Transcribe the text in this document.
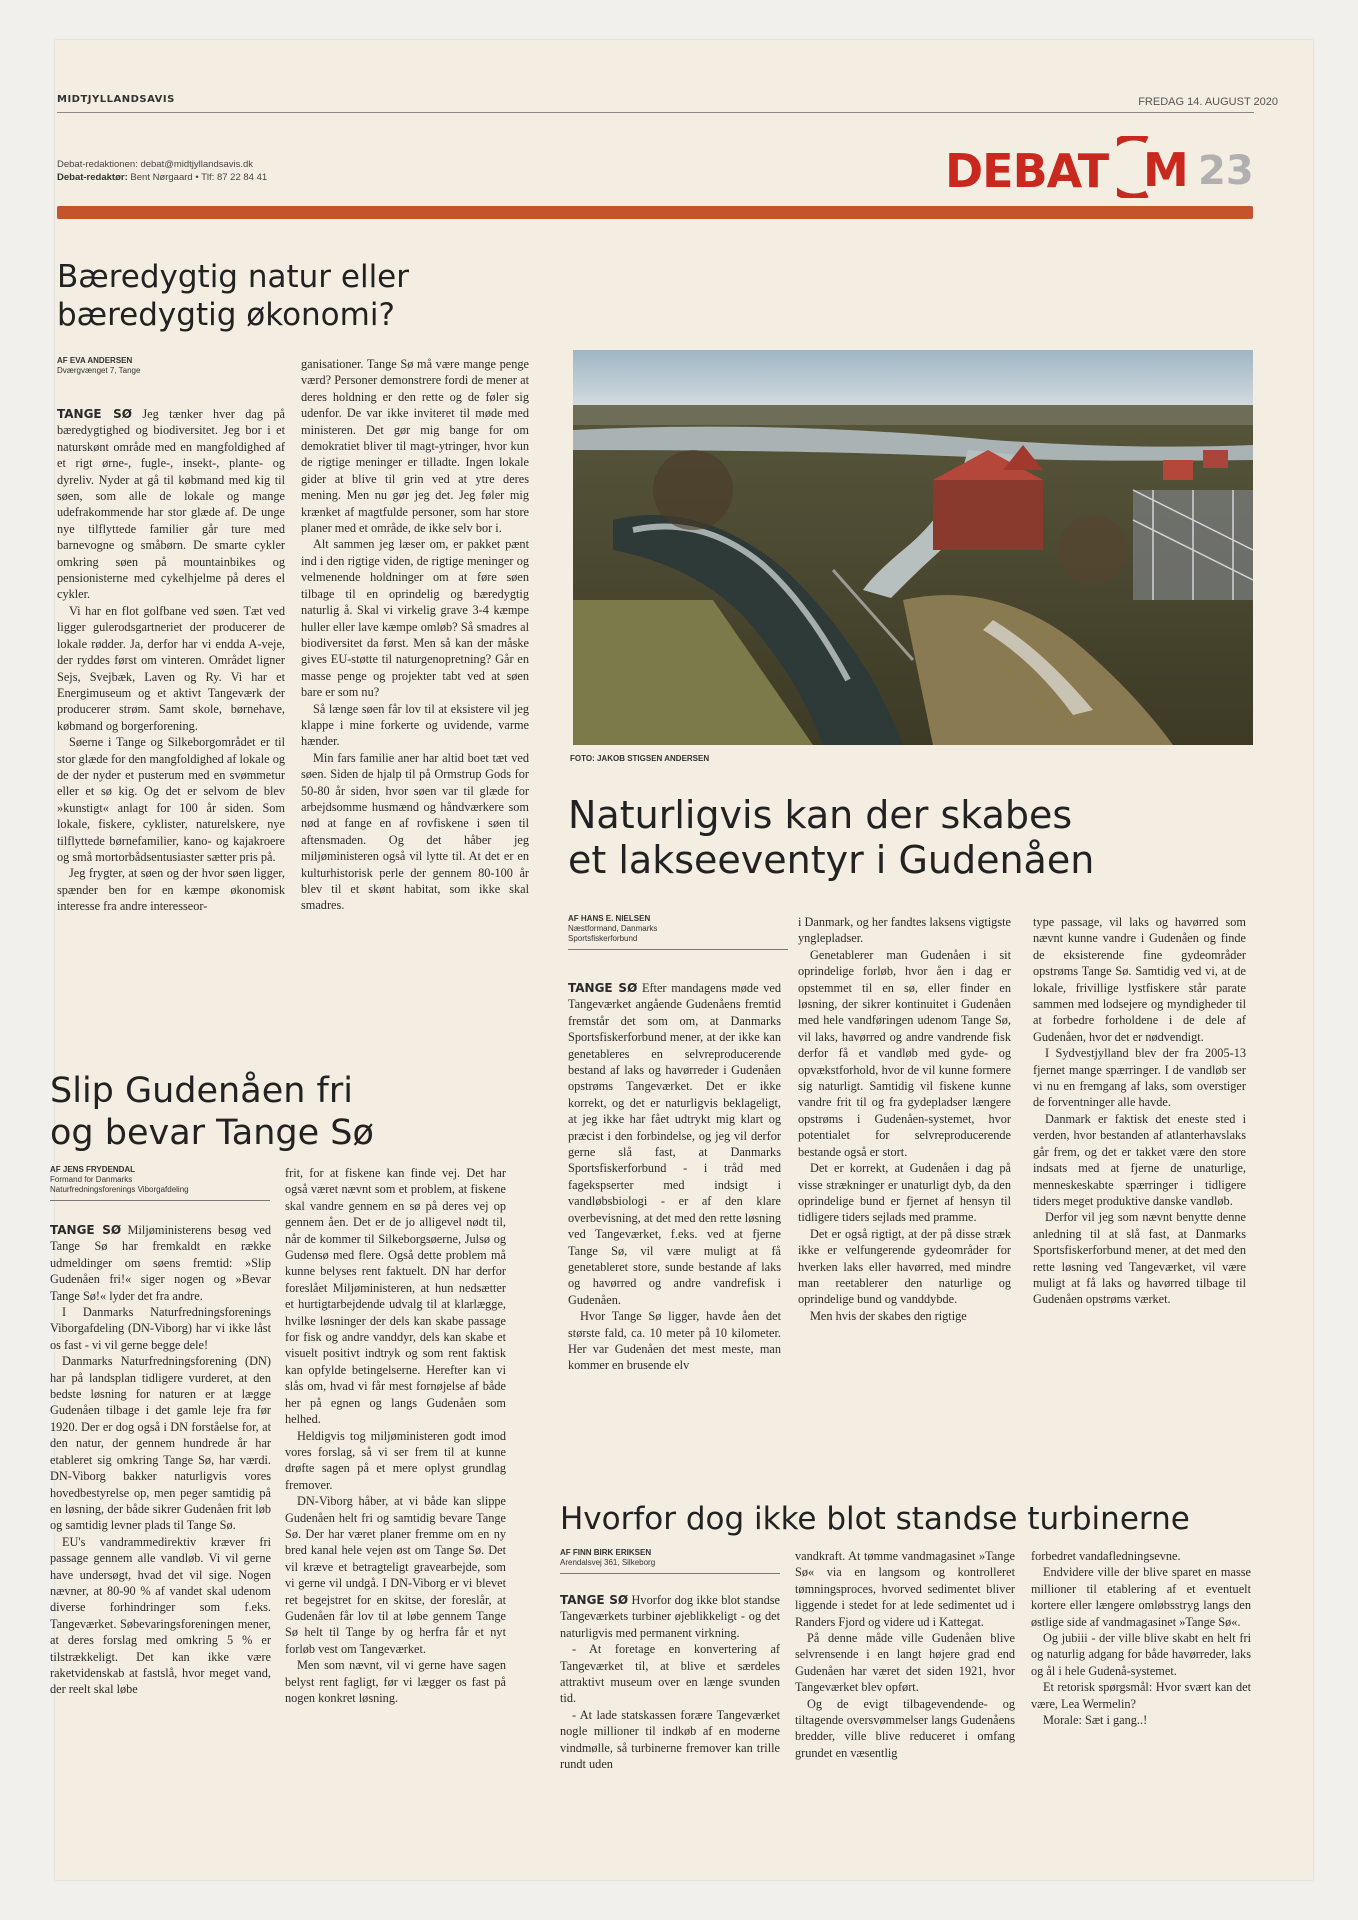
MIDTJYLLANDSAVIS	FREDAG 14. AUGUST 2020
Debat-redaktionen: debat@midtjyllandsavis.dk
Debat-redaktør: Bent Nørgaard • Tlf: 87 22 84 41	DEBAT M 23
Bæredygtig natur eller
bæredygtig økonomi?
AF EVA ANDERSEN
Dværgvænget 7, Tange

TANGE SØ Jeg tænker hver dag på bæredygtighed og biodiversitet. Jeg bor i et naturskønt område med en mangfoldighed af et rigt ørne-, fugle-, insekt-, plante- og dyreliv. Nyder at gå til købmand med kig til søen, som alle de lokale og mange udefrakommende har stor glæde af. De unge nye tilflyttede familier går ture med barnevogne og småbørn. De smarte cykler omkring søen på mountainbikes og pensionisterne med cykelhjelme på deres el cykler.

Vi har en flot golfbane ved søen. Tæt ved ligger gulerodsgartneriet der producerer de lokale rødder. Ja, derfor har vi endda A-veje, der ryddes først om vinteren. Området ligner Sejs, Svejbæk, Laven og Ry. Vi har et Energimuseum og et aktivt Tangeværk der producerer strøm. Samt skole, børnehave, købmand og borgerforening.

Søerne i Tange og Silkeborgområdet er til stor glæde for den mangfoldighed af lokale og de der nyder et pusterum med en svømmetur eller et sø kig. Og det er selvom de blev »kunstigt« anlagt for 100 år siden. Som lokale, fiskere, cyklister, naturelskere, nye tilflyttede børnefamilier, kano- og kajakroere og små mortorbådsentusiaster sætter pris på.

Jeg frygter, at søen og der hvor søen ligger, spænder ben for en kæmpe økonomisk interesse fra andre interesseor-

ganisationer. Tange Sø må være mange penge værd? Personer demonstrere fordi de mener at deres holdning er den rette og de føler sig udenfor. De var ikke inviteret til møde med ministeren. Det gør mig bange for om demokratiet bliver til magt-ytringer, hvor kun de rigtige meninger er tilladte. Ingen lokale gider at blive til grin ved at ytre deres mening. Men nu gør jeg det. Jeg føler mig krænket af magtfulde personer, som har store planer med et område, de ikke selv bor i.

Alt sammen jeg læser om, er pakket pænt ind i den rigtige viden, de rigtige meninger og velmenende holdninger om at føre søen tilbage til en oprindelig og bæredygtig naturlig å. Skal vi virkelig grave 3-4 kæmpe huller eller lave kæmpe omløb? Så smadres al biodiversitet da først. Men så kan der måske gives EU-støtte til naturgenopretning? Går en masse penge og projekter tabt ved at søen bare er som nu?

Så længe søen får lov til at eksistere vil jeg klappe i mine forkerte og uvidende, varme hænder.

Min fars familie aner har altid boet tæt ved søen. Siden de hjalp til på Ormstrup Gods for 50-80 år siden, hvor søen var til glæde for arbejdsomme husmænd og håndværkere som nød at fange en af rovfiskene i søen til aftensmaden. Og det håber jeg miljøministeren også vil lytte til. At det er en kulturhistorisk perle der gennem 80-100 år blev til et skønt habitat, som ikke skal smadres.

FOTO: JAKOB STIGSEN ANDERSEN
Naturligvis kan der skabes
et lakseeventyr i Gudenåen
AF HANS E. NIELSEN
Næstformand, Danmarks
Sportsfiskerforbund

TANGE SØ Efter mandagens møde ved Tangeværket angående Gudenåens fremtid fremstår det som om, at Danmarks Sportsfiskerforbund mener, at der ikke kan genetableres en selvreproducerende bestand af laks og havørreder i Gudenåen opstrøms Tangeværket. Det er ikke korrekt, og det er naturligvis beklageligt, at jeg ikke har fået udtrykt mig klart og præcist i den forbindelse, og jeg vil derfor gerne slå fast, at Danmarks Sportsfiskerforbund - i tråd med fagekspserter med indsigt i vandløbsbiologi - er af den klare overbevisning, at det med den rette løsning ved Tangeværket, f.eks. ved at fjerne Tange Sø, vil være muligt at få genetableret store, sunde bestande af laks og havørred og andre vandrefisk i Gudenåen.

Hvor Tange Sø ligger, havde åen det største fald, ca. 10 meter på 10 kilometer. Her var Gudenåen det mest meste, man kommer en brusende elv

i Danmark, og her fandtes laksens vigtigste ynglepladser.

Genetablerer man Gudenåen i sit oprindelige forløb, hvor åen i dag er opstemmet til en sø, eller finder en løsning, der sikrer kontinuitet i Gudenåen med hele vandføringen udenom Tange Sø, vil laks, havørred og andre vandrende fisk derfor få et vandløb med gyde- og opvækstforhold, hvor de vil kunne formere sig naturligt. Samtidig vil fiskene kunne vandre frit til og fra gydepladser længere opstrøms i Gudenåen-systemet, hvor potentialet for selvreproducerende bestande også er stort.

Det er korrekt, at Gudenåen i dag på visse strækninger er unaturligt dyb, da den oprindelige bund er fjernet af hensyn til tidligere tiders sejlads med pramme.

Det er også rigtigt, at der på disse stræk ikke er velfungerende gydeområder for hverken laks eller havørred, med mindre man reetablerer den naturlige og oprindelige bund og vanddybde.

Men hvis der skabes den rigtige

type passage, vil laks og havørred som nævnt kunne vandre i Gudenåen og finde de eksisterende fine gydeområder opstrøms Tange Sø. Samtidig ved vi, at de lokale, frivillige lystfiskere står parate sammen med lodsejere og myndigheder til at forbedre forholdene i de dele af Gudenåen, hvor det er nødvendigt.

I Sydvestjylland blev der fra 2005-13 fjernet mange spærringer. I de vandløb ser vi nu en fremgang af laks, som overstiger de forventninger alle havde.

Danmark er faktisk det eneste sted i verden, hvor bestanden af atlanterhavslaks går frem, og det er takket være den store indsats med at fjerne de unaturlige, menneskeskabte spærringer i tidligere tiders meget produktive danske vandløb.

Derfor vil jeg som nævnt benytte denne anledning til at slå fast, at Danmarks Sportsfiskerforbund mener, at det med den rette løsning ved Tangeværket, vil være muligt at få laks og havørred tilbage til Gudenåen opstrøms værket.

Slip Gudenåen fri
og bevar Tange Sø
AF JENS FRYDENDAL
Formand for Danmarks
Naturfredningsforenings Viborgafdeling

TANGE SØ Miljøministerens besøg ved Tange Sø har fremkaldt en række udmeldinger om søens fremtid: »Slip Gudenåen fri!« siger nogen og »Bevar Tange Sø!« lyder det fra andre.

I Danmarks Naturfredningsforenings Viborgafdeling (DN-Viborg) har vi ikke låst os fast - vi vil gerne begge dele!

Danmarks Naturfredningsforening (DN) har på landsplan tidligere vurderet, at den bedste løsning for naturen er at lægge Gudenåen tilbage i det gamle leje fra før 1920. Der er dog også i DN forståelse for, at den natur, der gennem hundrede år har etableret sig omkring Tange Sø, har værdi. DN-Viborg bakker naturligvis vores hovedbestyrelse op, men peger samtidig på en løsning, der både sikrer Gudenåen frit løb og samtidig levner plads til Tange Sø.

EU's vandrammedirektiv kræver fri passage gennem alle vandløb. Vi vil gerne have undersøgt, hvad det vil sige. Nogen nævner, at 80-90 % af vandet skal udenom diverse forhindringer som f.eks. Tangeværket. Søbevaringsforeningen mener, at deres forslag med omkring 5 % er tilstrækkeligt. Det kan ikke være raketvidenskab at fastslå, hvor meget vand, der reelt skal løbe

frit, for at fiskene kan finde vej. Det har også været nævnt som et problem, at fiskene skal vandre gennem en sø på deres vej op gennem åen. Det er de jo alligevel nødt til, når de kommer til Silkeborgsøerne, Julsø og Gudensø med flere. Også dette problem må kunne belyses rent faktuelt. DN har derfor foreslået Miljøministeren, at hun nedsætter et hurtigtarbejdende udvalg til at klarlægge, hvilke løsninger der dels kan skabe passage for fisk og andre vanddyr, dels kan skabe et visuelt positivt indtryk og som rent faktisk kan opfylde betingelserne. Herefter kan vi slås om, hvad vi får mest fornøjelse af både her på egnen og langs Gudenåen som helhed.

Heldigvis tog miljøministeren godt imod vores forslag, så vi ser frem til at kunne drøfte sagen på et mere oplyst grundlag fremover.

DN-Viborg håber, at vi både kan slippe Gudenåen helt fri og samtidig bevare Tange Sø. Der har været planer fremme om en ny bred kanal hele vejen øst om Tange Sø. Det vil kræve et betragteligt gravearbejde, som vi gerne vil undgå. I DN-Viborg er vi blevet ret begejstret for en skitse, der foreslår, at Gudenåen får lov til at løbe gennem Tange Sø helt til Tange by og herfra får et nyt forløb vest om Tangeværket.

Men som nævnt, vil vi gerne have sagen belyst rent fagligt, før vi lægger os fast på nogen konkret løsning.

Hvorfor dog ikke blot standse turbinerne
AF FINN BIRK ERIKSEN
Arendalsvej 361, Silkeborg

TANGE SØ Hvorfor dog ikke blot standse Tangeværkets turbiner øjeblikkeligt - og det naturligvis med permanent virkning.

- At foretage en konvertering af Tangeværket til, at blive et særdeles attraktivt museum over en længe svunden tid.

- At lade statskassen forære Tangeværket nogle millioner til indkøb af en moderne vindmølle, så turbinerne fremover kan trille rundt uden

vandkraft. At tømme vandmagasinet »Tange Sø« via en langsom og kontrolleret tømningsproces, hvorved sedimentet bliver liggende i stedet for at lede sedimentet ud i Randers Fjord og videre ud i Kattegat.

På denne måde ville Gudenåen blive selvrensende i en langt højere grad end Gudenåen har været det siden 1921, hvor Tangeværket blev opført.

Og de evigt tilbagevendende- og tiltagende oversvømmelser langs Gudenåens bredder, ville blive reduceret i omfang grundet en væsentlig

forbedret vandafledningsevne.

Endvidere ville der blive sparet en masse millioner til etablering af et eventuelt kortere eller længere omløbsstryg langs den østlige side af vandmagasinet »Tange Sø«.

Og jubiii - der ville blive skabt en helt fri og naturlig adgang for både havørreder, laks og ål i hele Gudenå-systemet.

Et retorisk spørgsmål: Hvor svært kan det være, Lea Wermelin?

Morale: Sæt i gang..!
